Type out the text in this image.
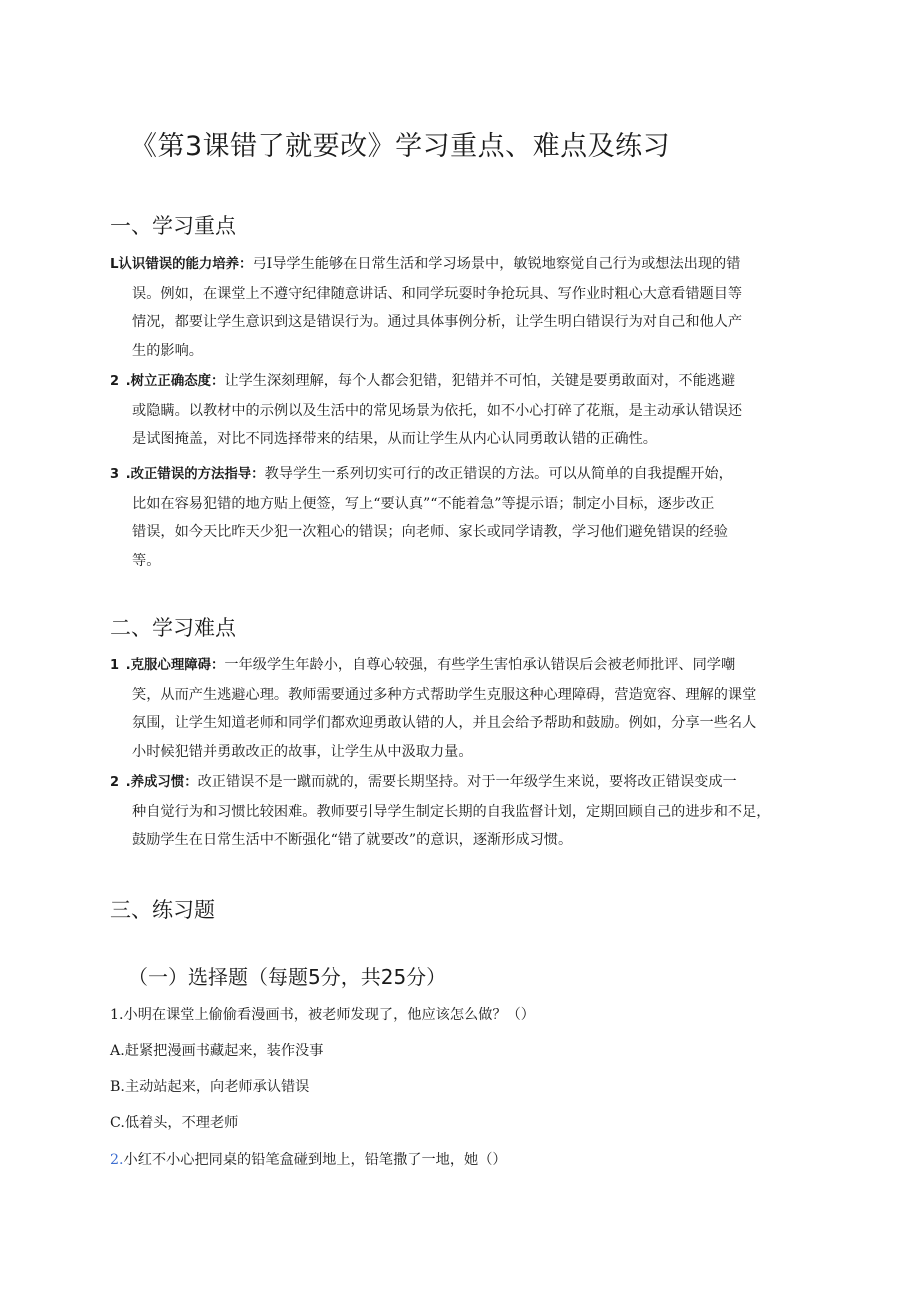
《第3课错了就要改》学习重点、难点及练习
一、学习重点
L认识错误的能力培养：弓I导学生能够在日常生活和学习场景中，敏锐地察觉自己行为或想法出现的错
误。例如，在课堂上不遵守纪律随意讲话、和同学玩耍时争抢玩具、写作业时粗心大意看错题目等
情况，都要让学生意识到这是错误行为。通过具体事例分析，让学生明白错误行为对自己和他人产
生的影响。
2 .树立正确态度：让学生深刻理解，每个人都会犯错，犯错并不可怕，关键是要勇敢面对，不能逃避
或隐瞒。以教材中的示例以及生活中的常见场景为依托，如不小心打碎了花瓶，是主动承认错误还
是试图掩盖，对比不同选择带来的结果，从而让学生从内心认同勇敢认错的正确性。
3 .改正错误的方法指导：教导学生一系列切实可行的改正错误的方法。可以从简单的自我提醒开始，
比如在容易犯错的地方贴上便签，写上“要认真”“不能着急”等提示语；制定小目标，逐步改正
错误，如今天比昨天少犯一次粗心的错误；向老师、家长或同学请教，学习他们避免错误的经验
等。
二、学习难点
1 .克服心理障碍：一年级学生年龄小，自尊心较强，有些学生害怕承认错误后会被老师批评、同学嘲
笑，从而产生逃避心理。教师需要通过多种方式帮助学生克服这种心理障碍，营造宽容、理解的课堂
氛围，让学生知道老师和同学们都欢迎勇敢认错的人，并且会给予帮助和鼓励。例如，分享一些名人
小时候犯错并勇敢改正的故事，让学生从中汲取力量。
2 .养成习惯：改正错误不是一蹴而就的，需要长期坚持。对于一年级学生来说，要将改正错误变成一
种自觉行为和习惯比较困难。教师要引导学生制定长期的自我监督计划，定期回顾自己的进步和不足，
鼓励学生在日常生活中不断强化“错了就要改”的意识，逐渐形成习惯。
三、练习题
（一）选择题（每题5分，共25分）

1.小明在课堂上偷偷看漫画书，被老师发现了，他应该怎么做？（）

A.赶紧把漫画书藏起来，装作没事

B.主动站起来，向老师承认错误

C.低着头，不理老师

2.小红不小心把同桌的铅笔盒碰到地上，铅笔撒了一地，她（）
